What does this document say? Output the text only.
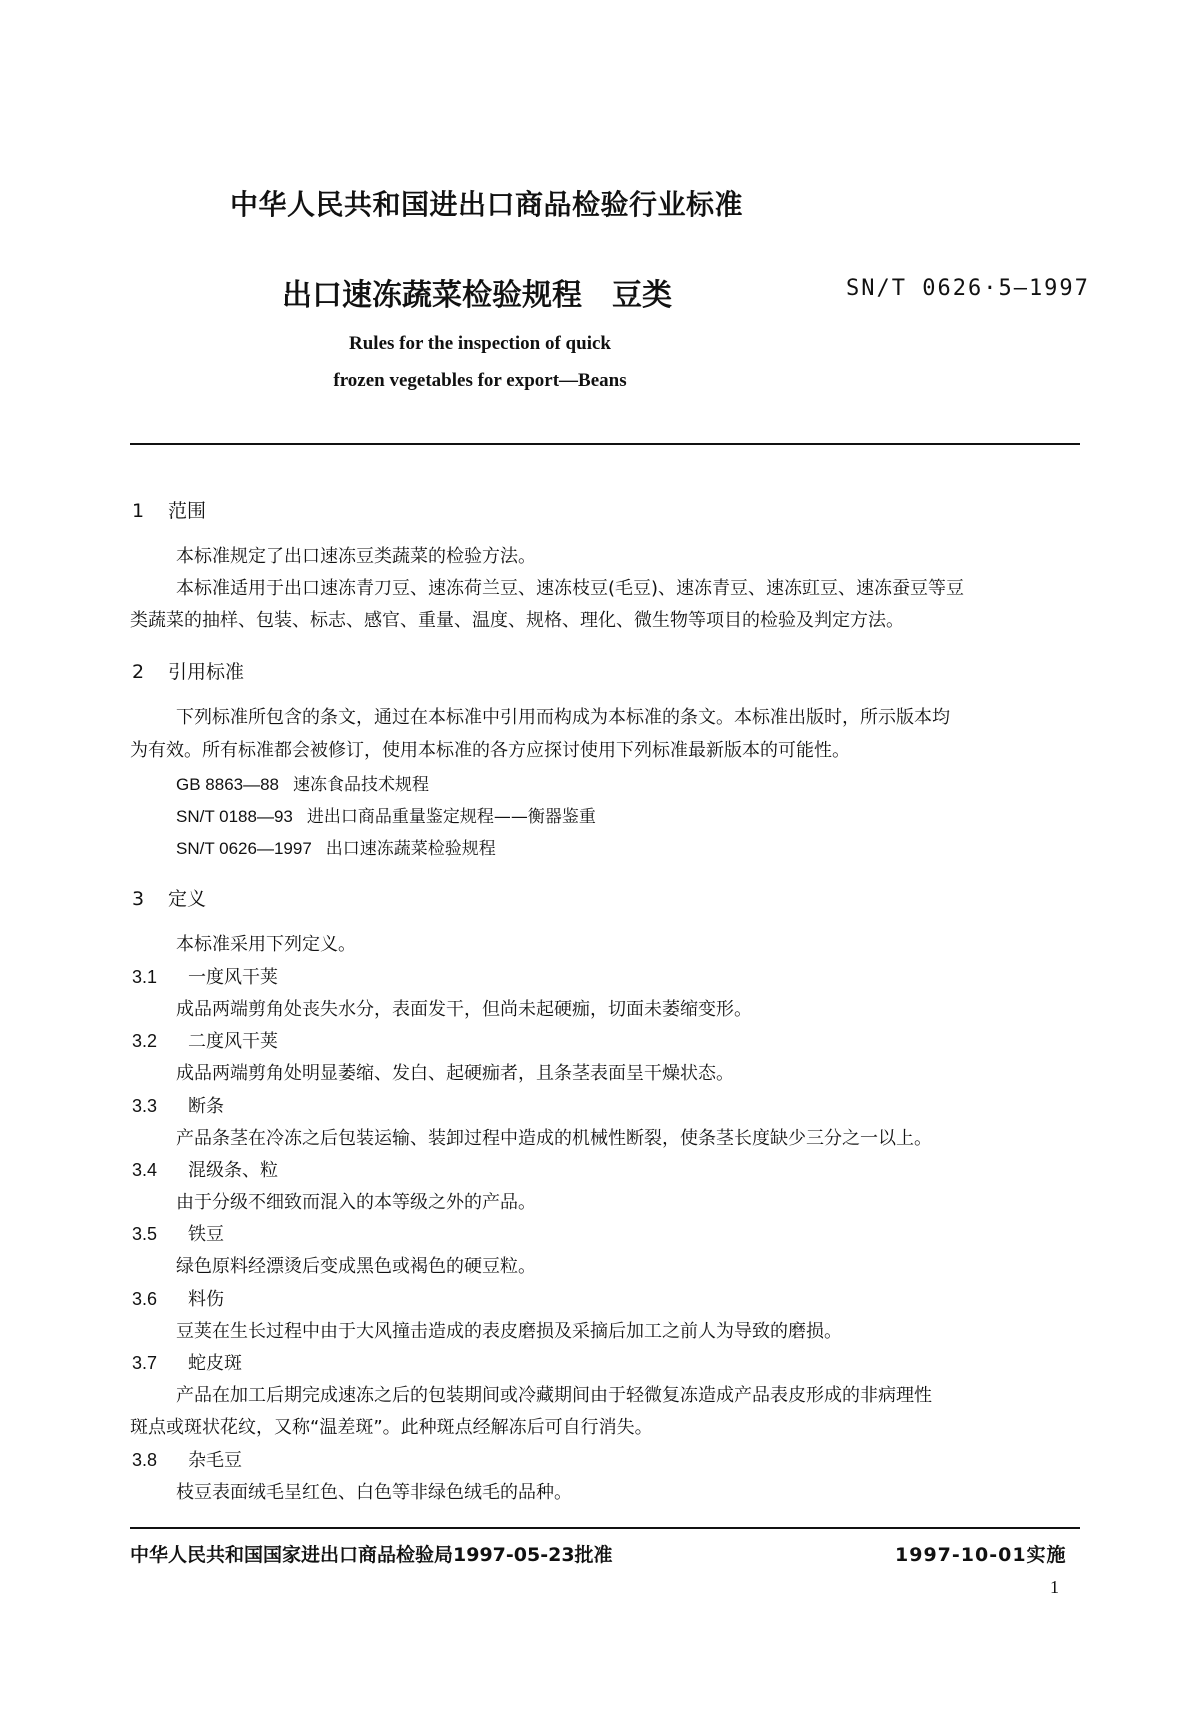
中华人民共和国进出口商品检验行业标准
出口速冻蔬菜检验规程 豆类	SN/T 0626·5—1997
Rules for the inspection of quick
frozen vegetables for export—Beans
1 范围
本标准规定了出口速冻豆类蔬菜的检验方法。
本标准适用于出口速冻青刀豆、速冻荷兰豆、速冻枝豆(毛豆)、速冻青豆、速冻豇豆、速冻蚕豆等豆
类蔬菜的抽样、包装、标志、感官、重量、温度、规格、理化、微生物等项目的检验及判定方法。
2 引用标准
下列标准所包含的条文，通过在本标准中引用而构成为本标准的条文。本标准出版时，所示版本均
为有效。所有标准都会被修订，使用本标准的各方应探讨使用下列标准最新版本的可能性。
GB 8863—88 速冻食品技术规程
SN/T 0188—93 进出口商品重量鉴定规程——衡器鉴重
SN/T 0626—1997 出口速冻蔬菜检验规程
3 定义
本标准采用下列定义。
3.1 一度风干荚
成品两端剪角处丧失水分，表面发干，但尚未起硬痂，切面未萎缩变形。
3.2 二度风干荚
成品两端剪角处明显萎缩、发白、起硬痂者，且条茎表面呈干燥状态。
3.3 断条
产品条茎在冷冻之后包装运输、装卸过程中造成的机械性断裂，使条茎长度缺少三分之一以上。
3.4 混级条、粒
由于分级不细致而混入的本等级之外的产品。
3.5 铁豆
绿色原料经漂烫后变成黑色或褐色的硬豆粒。
3.6 料伤
豆荚在生长过程中由于大风撞击造成的表皮磨损及采摘后加工之前人为导致的磨损。
3.7 蛇皮斑
产品在加工后期完成速冻之后的包装期间或冷藏期间由于轻微复冻造成产品表皮形成的非病理性
斑点或斑状花纹，又称“温差斑”。此种斑点经解冻后可自行消失。
3.8 杂毛豆
枝豆表面绒毛呈红色、白色等非绿色绒毛的品种。
中华人民共和国国家进出口商品检验局1997-05-23批准	1997-10-01实施
1
